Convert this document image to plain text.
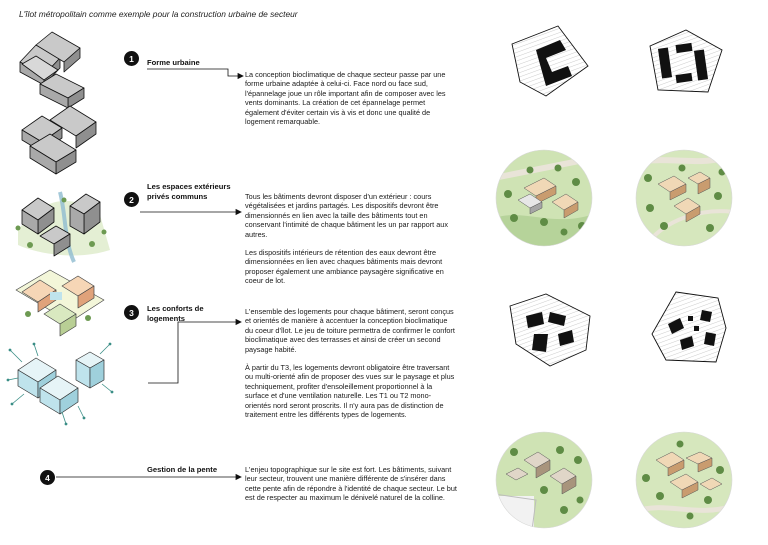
L'îlot métropolitain comme exemple pour la construction urbaine de secteur
1
2
3
4
Forme urbaine
Les espaces extérieurs privés communs
Les conforts de logements
Gestion de la pente

La conception bioclimatique de chaque secteur passe par une forme urbaine adaptée à celui-ci. Face nord ou face sud, l'épannelage joue un rôle important afin de composer avec les vents dominants. La création de cet épannelage permet également d'éviter certain vis à vis et donc une qualité de logement remarquable.

Tous les bâtiments devront disposer d'un extérieur : cours végétalisées et jardins partagés. Les dispositifs devront être dimensionnés en lien avec la taille des bâtiments tout en conservant l'intimité de chaque bâtiment les un par rapport aux autres.

Les dispositifs intérieurs de rétention des eaux devront être dimensionnées en lien avec chaques bâtiments mais devront proposer également une ambiance paysagère significative en coeur de lot.

L'ensemble des logements pour chaque bâtiment, seront conçus et orientés de manière à accentuer la conception bioclimatique du coeur d'îlot. Le jeu de toiture permettra de confirmer le confort bioclimatique avec des terrasses et ainsi de créer un second paysage habité.

À partir du T3, les logements devront obligatoire être traversant ou multi-orienté afin de proposer des vues sur le paysage et plus techniquement, profiter d'ensoleillement proportionnel à la surface et d'une ventilation naturelle. Les T1 ou T2 mono-orientés nord seront proscrits. Il n'y aura pas de distinction de traitement entre les différents types de logements.

L'enjeu topographique sur le site est fort. Les bâtiments, suivant leur secteur, trouvent une manière différente de s'insérer dans cette pente afin de répondre à l'identité de chaque secteur. Le but est de respecter au maximum le dénivelé naturel de la colline.
